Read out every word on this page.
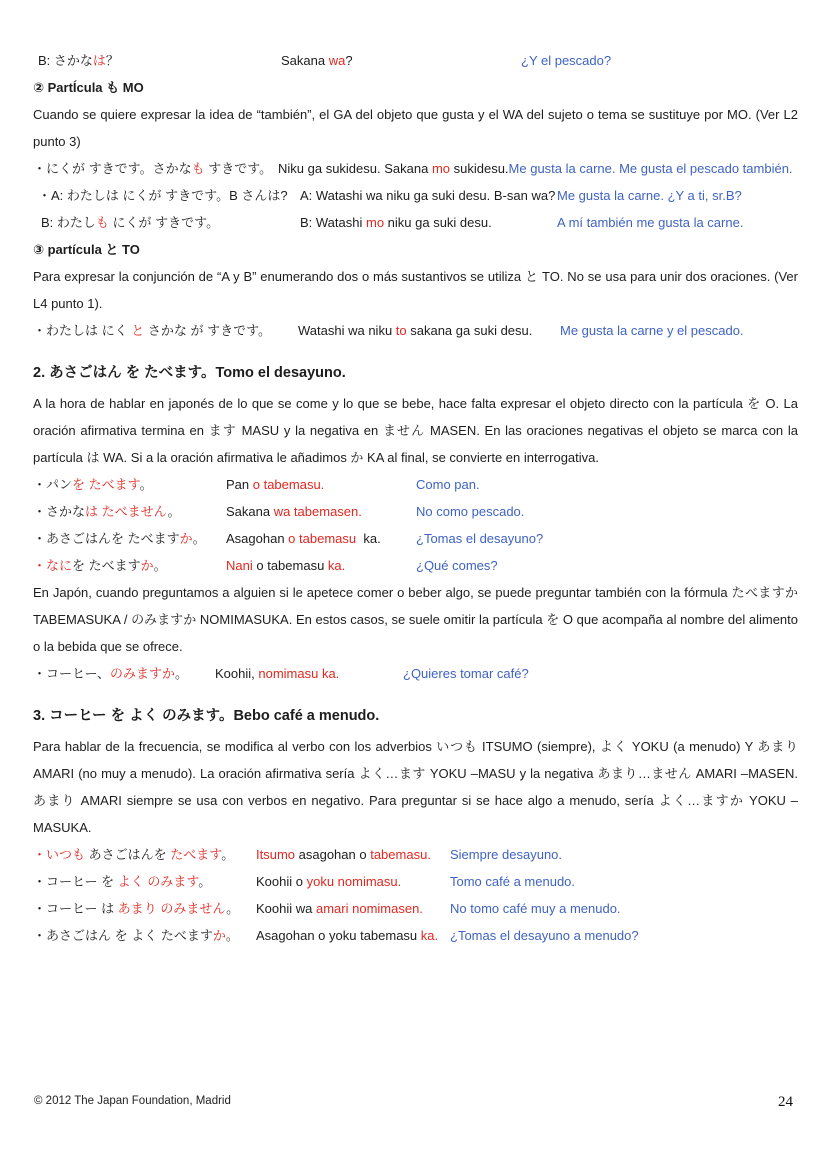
B: さかなは？	Sakana wa?	¿Y el pescado?
② PartÍcula も MO
Cuando se quiere expresar la idea de “también”, el GA del objeto que gusta y el WA del sujeto o tema se sustituye por MO. (Ver L2 punto 3)
・にくが すきです。さかなも すきです。 Niku ga sukidesu. Sakana mo sukidesu. Me gusta la carne. Me gusta el pescado también.
・A: わたしは にくが すきです。B さんは? A: Watashi wa niku ga suki desu. B-san wa? Me gusta la carne. ¿Y a ti, sr.B?
B: わたしも にくが すきです。	B: Watashi mo niku ga suki desu.	A mí también me gusta la carne.
③ partícula と TO
Para expresar la conjunción de “A y B” enumerando dos o más sustantivos se utiliza と TO. No se usa para unir dos oraciones. (Ver L4 punto 1).
・わたしは にく と さかな が すきです。	Watashi wa niku to sakana ga suki desu.	Me gusta la carne y el pescado.
2. あさごはん を たべます。Tomo el desayuno.
A la hora de hablar en japonés de lo que se come y lo que se bebe, hace falta expresar el objeto directo con la partícula を O. La oración afirmativa termina en ます MASU y la negativa en ません MASEN. En las oraciones negativas el objeto se marca con la partícula は WA. Si a la oración afirmativa le añadimos か KA al final, se convierte en interrogativa.
・パンを たべます。	Pan o tabemasu.	Como pan.
・さかなは たべません。	Sakana wa tabemasen.	No como pescado.
・あさごはんを たべますか。	Asagohan o tabemasu  ka.	¿Tomas el desayuno?
・なにを たべますか。	Nani o tabemasu ka.	¿Qué comes?
En Japón, cuando preguntamos a alguien si le apetece comer o beber algo, se puede preguntar también con la fórmula たべますか TABEMASUKA / のみますか NOMIMASUKA. En estos casos, se suele omitir la partícula を O que acompaña al nombre del alimento o la bebida que se ofrece.
・コーヒー、のみますか。	Koohii, nomimasu ka.	¿Quieres tomar café?
3. コーヒー を よく のみます。Bebo café a menudo.
Para hablar de la frecuencia, se modifica al verbo con los adverbios いつも ITSUMO (siempre), よく YOKU (a menudo) Y あまり AMARI (no muy a menudo). La oración afirmativa sería よく…ます YOKU –MASU y la negativa あまり…ません AMARI –MASEN. あまり AMARI siempre se usa con verbos en negativo. Para preguntar si se hace algo a menudo, sería よく…ますか YOKU –MASUKA.
・いつも あさごはんを たべます。	Itsumo asagohan o tabemasu.	Siempre desayuno.
・コーヒー を よく のみます。	Koohii o yoku nomimasu.	Tomo café a menudo.
・コーヒー は あまり のみません。	Koohii wa amari nomimasen.	No tomo café muy a menudo.
・あさごはん を よく たべますか。	Asagohan o yoku tabemasu ka. ¿Tomas el desayuno a menudo?
© 2012 The Japan Foundation, Madrid	24
